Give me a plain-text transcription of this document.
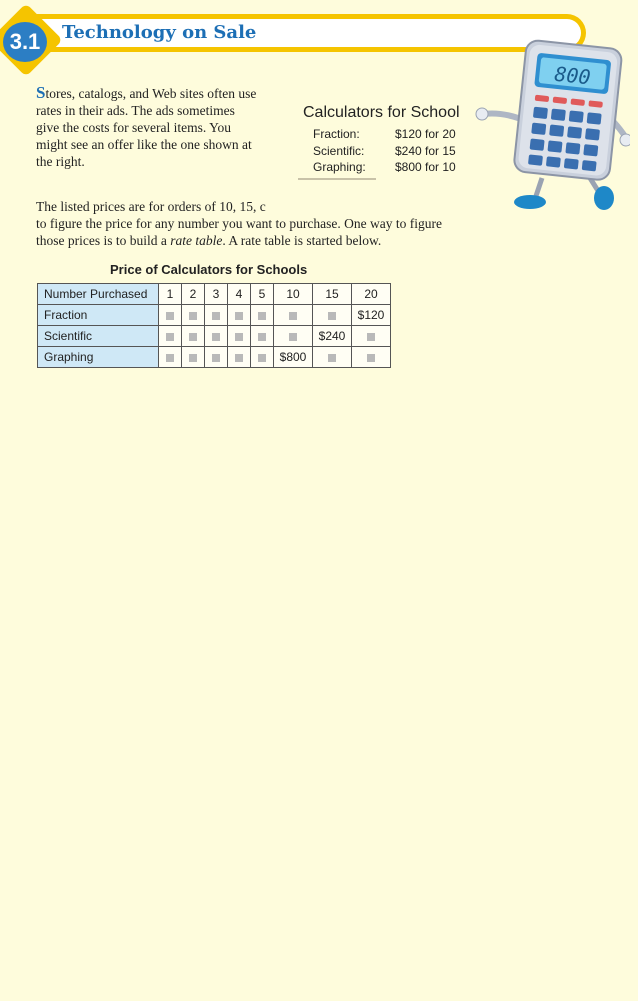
3.1	Technology on Sale
Stores, catalogs, and Web sites often use rates in their ads. The ads sometimes give the costs for several items. You might see an offer like the one shown at the right.
Calculators for School
Fraction:	$120 for 20
Scientific:	$240 for 15
Graphing:	$800 for 10
800
The listed prices are for orders of 10, 15, c
to figure the price for any number you want to purchase. One way to figure
those prices is to build a rate table. A rate table is started below.
Price of Calculators for Schools
Number Purchased	1	2	3	4	5	10	15	20
Fraction								$120
Scientific							$240	
Graphing						$800		
